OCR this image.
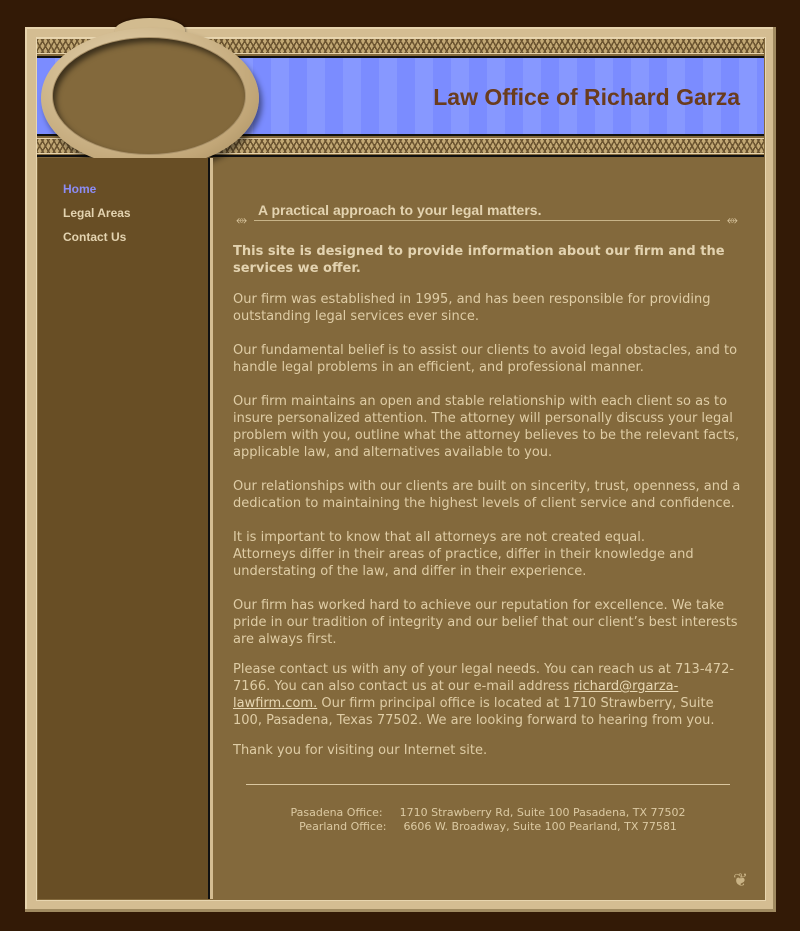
Law Office of Richard Garza
Home
Legal Areas
Contact Us
⥈
A practical approach to your legal matters.
⥈

This site is designed to provide information about our firm and the services we offer.

Our firm was established in 1995, and has been responsible for providing outstanding legal services ever since.

Our fundamental belief is to assist our clients to avoid legal obstacles, and to handle legal problems in an efficient, and professional manner.

Our firm maintains an open and stable relationship with each client so as to insure personalized attention. The attorney will personally discuss your legal problem with you, outline what the attorney believes to be the relevant facts, applicable law, and alternatives available to you.

Our relationships with our clients are built on sincerity, trust, openness, and a dedication to maintaining the highest levels of client service and confidence.

It is important to know that all attorneys are not created equal.

Attorneys differ in their areas of practice, differ in their knowledge and understating of the law, and differ in their experience.

Our firm has worked hard to achieve our reputation for excellence. We take pride in our tradition of integrity and our belief that our client’s best interests are always first.

Please contact us with any of your legal needs. You can reach us at 713-472-7166. You can also contact us at our e-mail address richard@rgarza-lawfirm.com. Our firm principal office is located at 1710 Strawberry, Suite 100, Pasadena, Texas 77502. We are looking forward to hearing from you.

Thank you for visiting our Internet site.

Pasadena Office: 1710 Strawberry Rd, Suite 100 Pasadena, TX 77502
Pearland Office: 6606 W. Broadway, Suite 100 Pearland, TX 77581
❦
